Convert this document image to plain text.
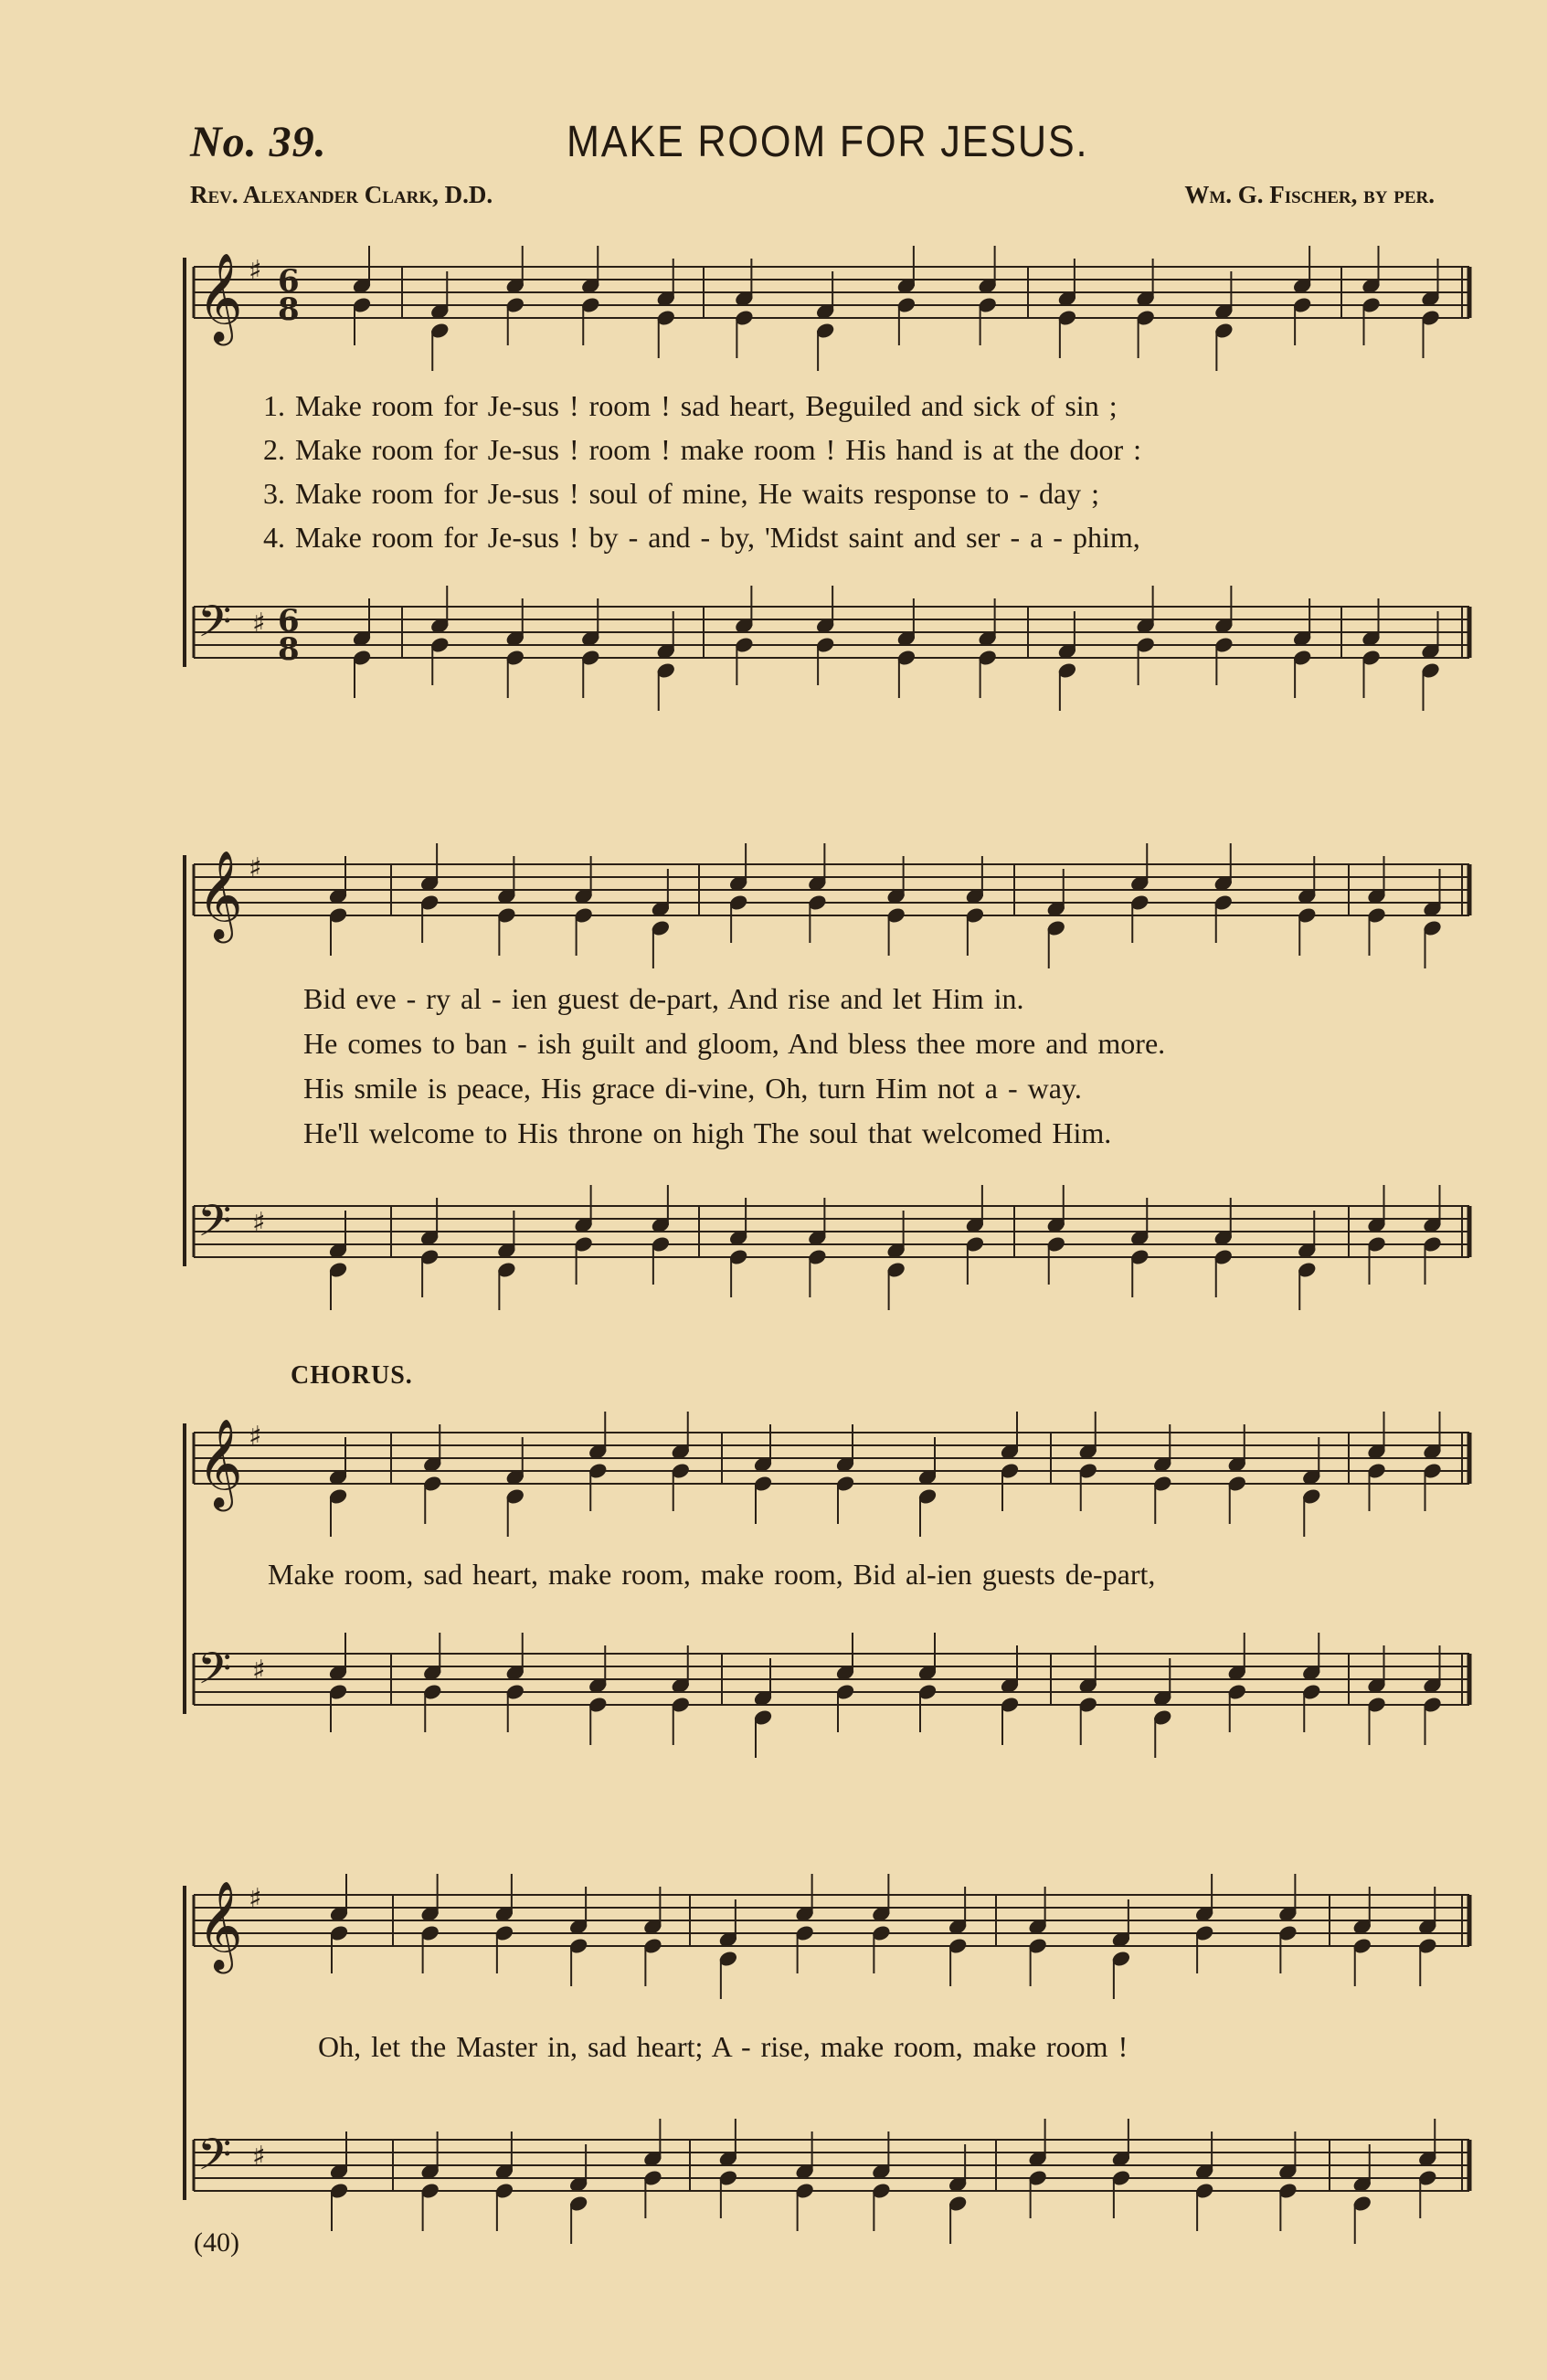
𝄞 ♯ 6
8
𝄢 ♯ 6
8
𝄞 ♯
𝄢 ♯
𝄞 ♯
𝄢 ♯
𝄞 ♯
𝄢 ♯

No. 39.	MAKE ROOM FOR JESUS.

Rev. Alexander Clark, D.D.	Wm. G. Fischer, by per.

1. Make room for Je-sus ! room ! sad heart, Beguiled and sick of sin ;

2. Make room for Je-sus ! room ! make room ! His hand is at the door :

3. Make room for Je-sus ! soul of mine, He waits response to - day ;

4. Make room for Je-sus ! by - and - by, 'Midst saint and ser - a - phim,

Bid eve - ry al - ien guest de-part, And rise and let Him in.

He comes to ban - ish guilt and gloom, And bless thee more and more.

His smile is peace, His grace di-vine, Oh, turn Him not a - way.

He'll welcome to His throne on high The soul that welcomed Him.

CHORUS.

Make room, sad heart, make room, make room, Bid al-ien guests de-part,

Oh, let the Master in, sad heart; A - rise, make room, make room !

(40)
